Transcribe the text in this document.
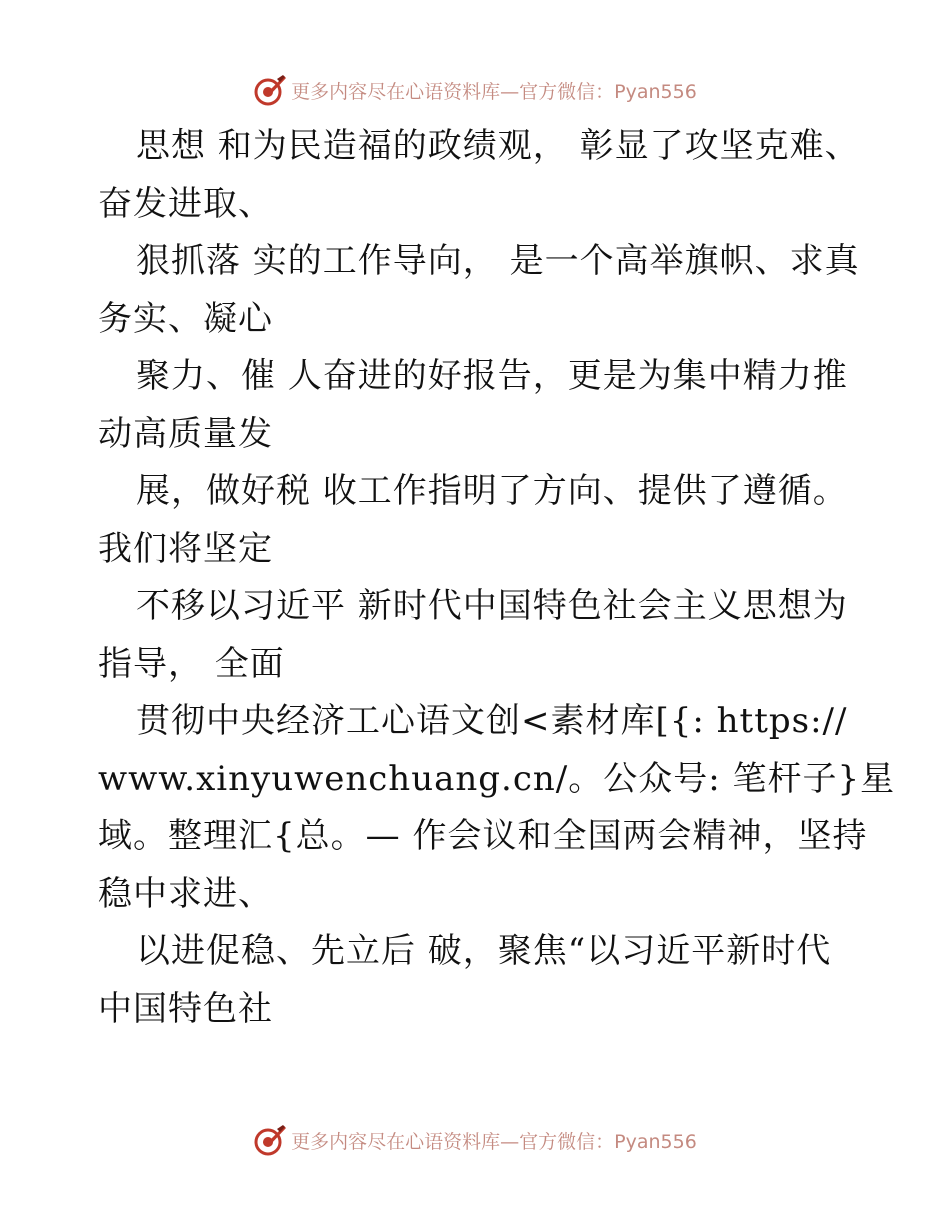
更多内容尽在心语资料库—官方微信：Pyan556
思想 和为民造福的政绩观， 彰显了攻坚克难、
奋发进取、
狠抓落 实的工作导向， 是一个高举旗帜、求真
务实、凝心
聚力、催 人奋进的好报告，更是为集中精力推
动高质量发
展，做好税 收工作指明了方向、提供了遵循。
我们将坚定
不移以习近平 新时代中国特色社会主义思想为
指导， 全面
贯彻中央经济工心语文创<素材库[{: https://
www.xinyuwenchuang.cn/。公众号: 笔杆子}星
域。整理汇{总。— 作会议和全国两会精神，坚持
稳中求进、
以进促稳、先立后 破，聚焦“以习近平新时代
中国特色社
更多内容尽在心语资料库—官方微信：Pyan556
